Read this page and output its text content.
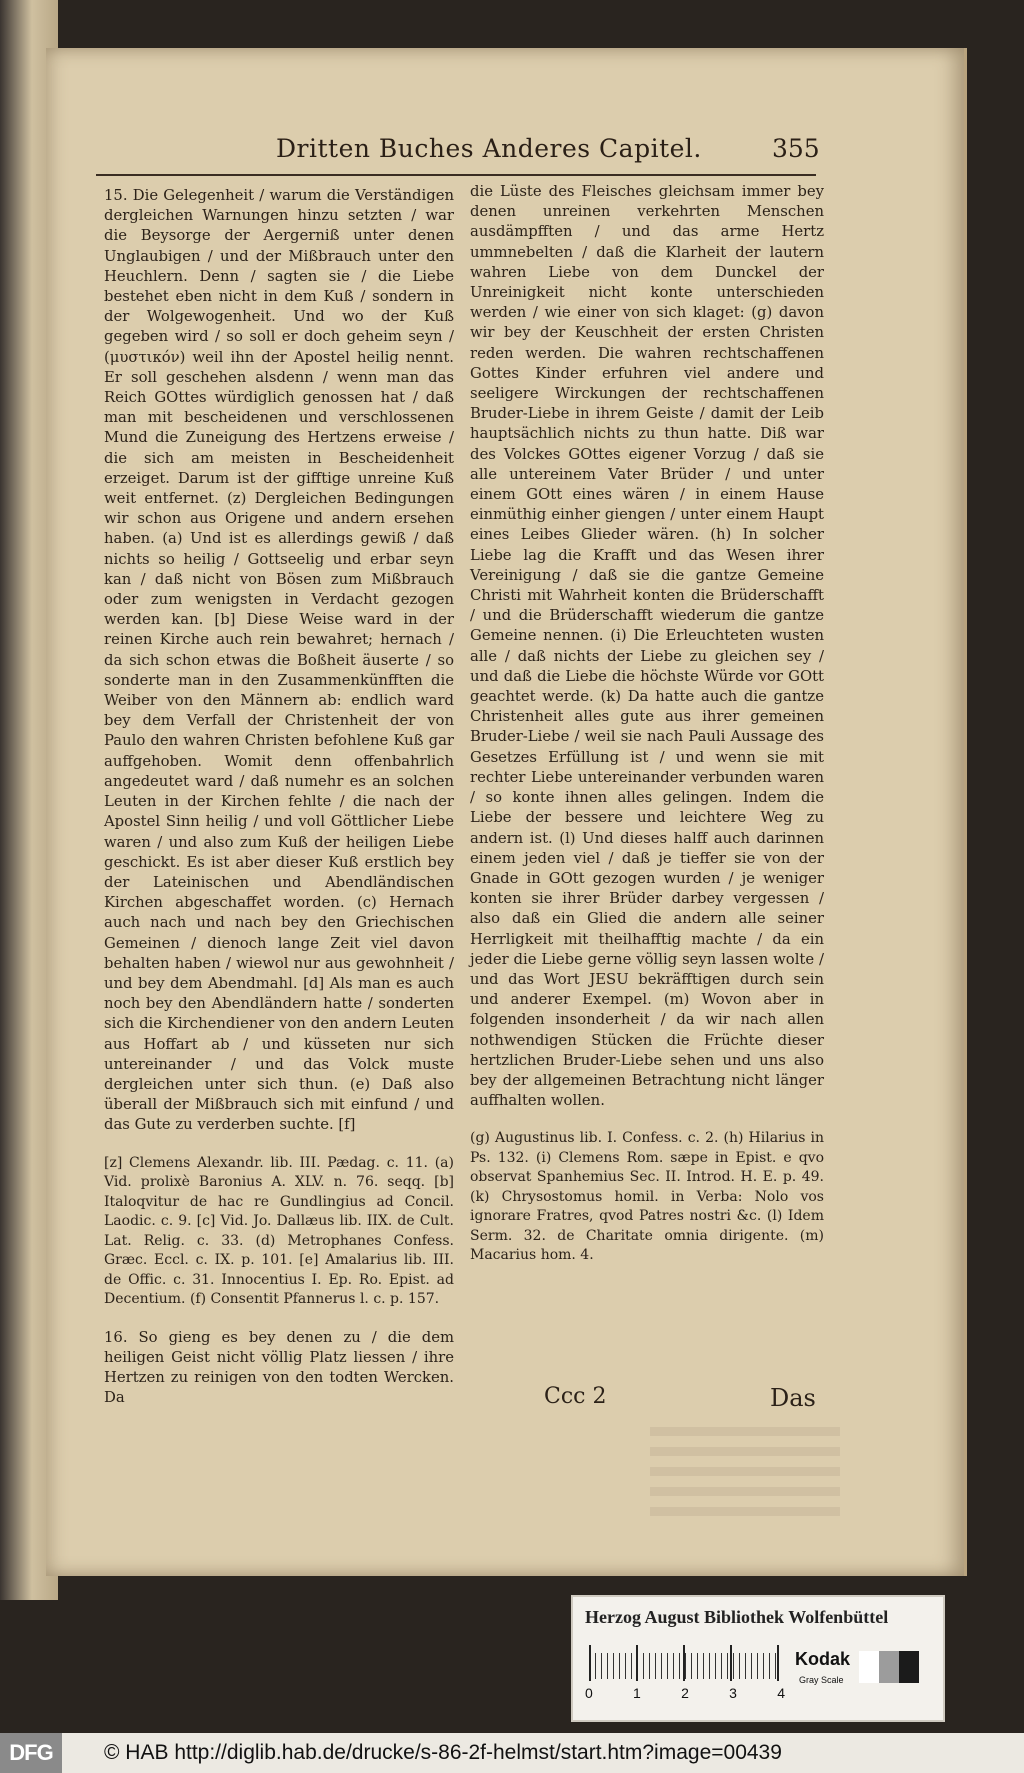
Dritten Buches Anderes Capitel.	355

15. Die Gelegenheit / warum die Verständigen dergleichen Warnungen hinzu setzten / war die Beysorge der Aergerniß unter denen Unglaubigen / und der Mißbrauch unter den Heuchlern. Denn / sagten sie / die Liebe bestehet eben nicht in dem Kuß / sondern in der Wolgewogenheit. Und wo der Kuß gegeben wird / so soll er doch geheim seyn / (μυστικόν) weil ihn der Apostel heilig nennt. Er soll geschehen alsdenn / wenn man das Reich GOttes würdiglich genossen hat / daß man mit bescheidenen und verschlossenen Mund die Zuneigung des Hertzens erweise / die sich am meisten in Bescheidenheit erzeiget. Darum ist der gifftige unreine Kuß weit entfernet. (z) Dergleichen Bedingungen wir schon aus Origene und andern ersehen haben. (a) Und ist es allerdings gewiß / daß nichts so heilig / Gottseelig und erbar seyn kan / daß nicht von Bösen zum Mißbrauch oder zum wenigsten in Verdacht gezogen werden kan. [b] Diese Weise ward in der reinen Kirche auch rein bewahret; hernach / da sich schon etwas die Boßheit äuserte / so sonderte man in den Zusammenkünfften die Weiber von den Männern ab: endlich ward bey dem Verfall der Christenheit der von Paulo den wahren Christen befohlene Kuß gar auffgehoben. Womit denn offenbahrlich angedeutet ward / daß numehr es an solchen Leuten in der Kirchen fehlte / die nach der Apostel Sinn heilig / und voll Göttlicher Liebe waren / und also zum Kuß der heiligen Liebe geschickt. Es ist aber dieser Kuß erstlich bey der Lateinischen und Abendländischen Kirchen abgeschaffet worden. (c) Hernach auch nach und nach bey den Griechischen Gemeinen / dienoch lange Zeit viel davon behalten haben / wiewol nur aus gewohnheit / und bey dem Abendmahl. [d] Als man es auch noch bey den Abendländern hatte / sonderten sich die Kirchendiener von den andern Leuten aus Hoffart ab / und küsseten nur sich untereinander / und das Volck muste dergleichen unter sich thun. (e) Daß also überall der Mißbrauch sich mit einfund / und das Gute zu verderben suchte. [f]

[z] Clemens Alexandr. lib. III. Pædag. c. 11. (a) Vid. prolixè Baronius A. XLV. n. 76. seqq. [b] Italoqvitur de hac re Gundlingius ad Concil. Laodic. c. 9. [c] Vid. Jo. Dallæus lib. IIX. de Cult. Lat. Relig. c. 33. (d) Metrophanes Confess. Græc. Eccl. c. IX. p. 101. [e] Amalarius lib. III. de Offic. c. 31. Innocentius I. Ep. Ro. Epist. ad Decentium. (f) Consentit Pfannerus l. c. p. 157.

16. So gieng es bey denen zu / die dem heiligen Geist nicht völlig Platz liessen / ihre Hertzen zu reinigen von den todten Wercken. Da

die Lüste des Fleisches gleichsam immer bey denen unreinen verkehrten Menschen ausdämpfften / und das arme Hertz ummnebelten / daß die Klarheit der lautern wahren Liebe von dem Dunckel der Unreinigkeit nicht konte unterschieden werden / wie einer von sich klaget: (g) davon wir bey der Keuschheit der ersten Christen reden werden. Die wahren rechtschaffenen Gottes Kinder erfuhren viel andere und seeligere Wirckungen der rechtschaffenen Bruder-Liebe in ihrem Geiste / damit der Leib hauptsächlich nichts zu thun hatte. Diß war des Volckes GOttes eigener Vorzug / daß sie alle untereinem Vater Brüder / und unter einem GOtt eines wären / in einem Hause einmüthig einher giengen / unter einem Haupt eines Leibes Glieder wären. (h) In solcher Liebe lag die Krafft und das Wesen ihrer Vereinigung / daß sie die gantze Gemeine Christi mit Wahrheit konten die Brüderschafft / und die Brüderschafft wiederum die gantze Gemeine nennen. (i) Die Erleuchteten wusten alle / daß nichts der Liebe zu gleichen sey / und daß die Liebe die höchste Würde vor GOtt geachtet werde. (k) Da hatte auch die gantze Christenheit alles gute aus ihrer gemeinen Bruder-Liebe / weil sie nach Pauli Aussage des Gesetzes Erfüllung ist / und wenn sie mit rechter Liebe untereinander verbunden waren / so konte ihnen alles gelingen. Indem die Liebe der bessere und leichtere Weg zu andern ist. (l) Und dieses halff auch darinnen einem jeden viel / daß je tieffer sie von der Gnade in GOtt gezogen wurden / je weniger konten sie ihrer Brüder darbey vergessen / also daß ein Glied die andern alle seiner Herrligkeit mit theilhafftig machte / da ein jeder die Liebe gerne völlig seyn lassen wolte / und das Wort JESU bekräfftigen durch sein und anderer Exempel. (m) Wovon aber in folgenden insonderheit / da wir nach allen nothwendigen Stücken die Früchte dieser hertzlichen Bruder-Liebe sehen und uns also bey der allgemeinen Betrachtung nicht länger auffhalten wollen.

(g) Augustinus lib. I. Confess. c. 2. (h) Hilarius in Ps. 132. (i) Clemens Rom. sæpe in Epist. e qvo observat Spanhemius Sec. II. Introd. H. E. p. 49. (k) Chrysostomus homil. in Verba: Nolo vos ignorare Fratres, qvod Patres nostri &c. (l) Idem Serm. 32. de Charitate omnia dirigente. (m) Macarius hom. 4.

Ccc 2	Das
Herzog August Bibliothek Wolfenbüttel
0	1	2	3	4
Kodak
Gray Scale
DFG	© HAB http://diglib.hab.de/drucke/s-86-2f-helmst/start.htm?image=00439
